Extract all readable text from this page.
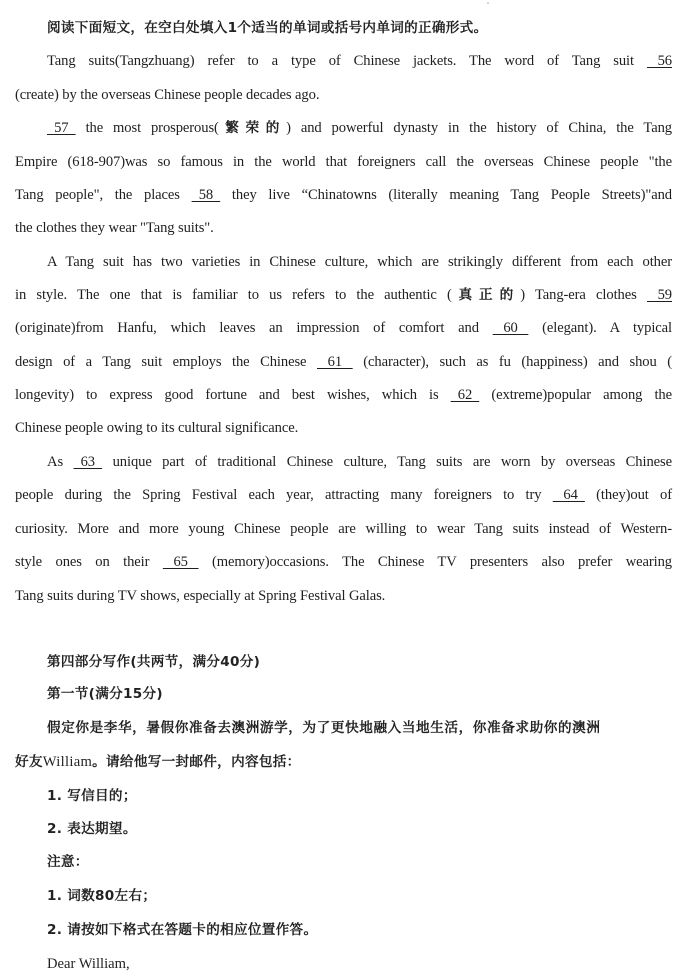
阅读下面短文，在空白处填入1个适当的单词或括号内单词的正确形式。
Tang suits(Tangzhuang) refer to a type of Chinese jackets. The word of Tang suit    56
(create) by the overseas Chinese people decades ago.
57   the most prosperous(繁荣的) and powerful dynasty in the history of China, the Tang
Empire (618-907)was so famous in the world that foreigners call the overseas Chinese people "the
Tang people", the places   58   they live “Chinatowns (literally meaning Tang People Streets)"and
the clothes they wear "Tang suits".
A Tang suit has two varieties in Chinese culture, which are strikingly different from each other
in style. The one that is familiar to us refers to the authentic (真正的) Tang-era clothes    59
(originate)from Hanfu, which leaves an impression of comfort and    60    (elegant). A typical
design of a Tang suit employs the Chinese    61    (character), such as fu (happiness) and shou (
longevity) to express good fortune and best wishes, which is   62   (extreme)popular among the
Chinese people owing to its cultural significance.
As   63   unique part of traditional Chinese culture, Tang suits are worn by overseas Chinese
people during the Spring Festival each year, attracting many foreigners to try    64   (they)out of
curiosity. More and more young Chinese people are willing to wear Tang suits instead of Western-
style ones on their    65    (memory)occasions. The Chinese TV presenters also prefer wearing
Tang suits during TV shows, especially at Spring Festival Galas.
第四部分写作(共两节，满分40分)
第一节(满分15分)
假定你是李华，暑假你准备去澳洲游学，为了更快地融入当地生活，你准备求助你的澳洲
好友William。请给他写一封邮件，内容包括：
1. 写信目的；
2. 表达期望。
注意：
1. 词数80左右；
2. 请按如下格式在答题卡的相应位置作答。
Dear William,
